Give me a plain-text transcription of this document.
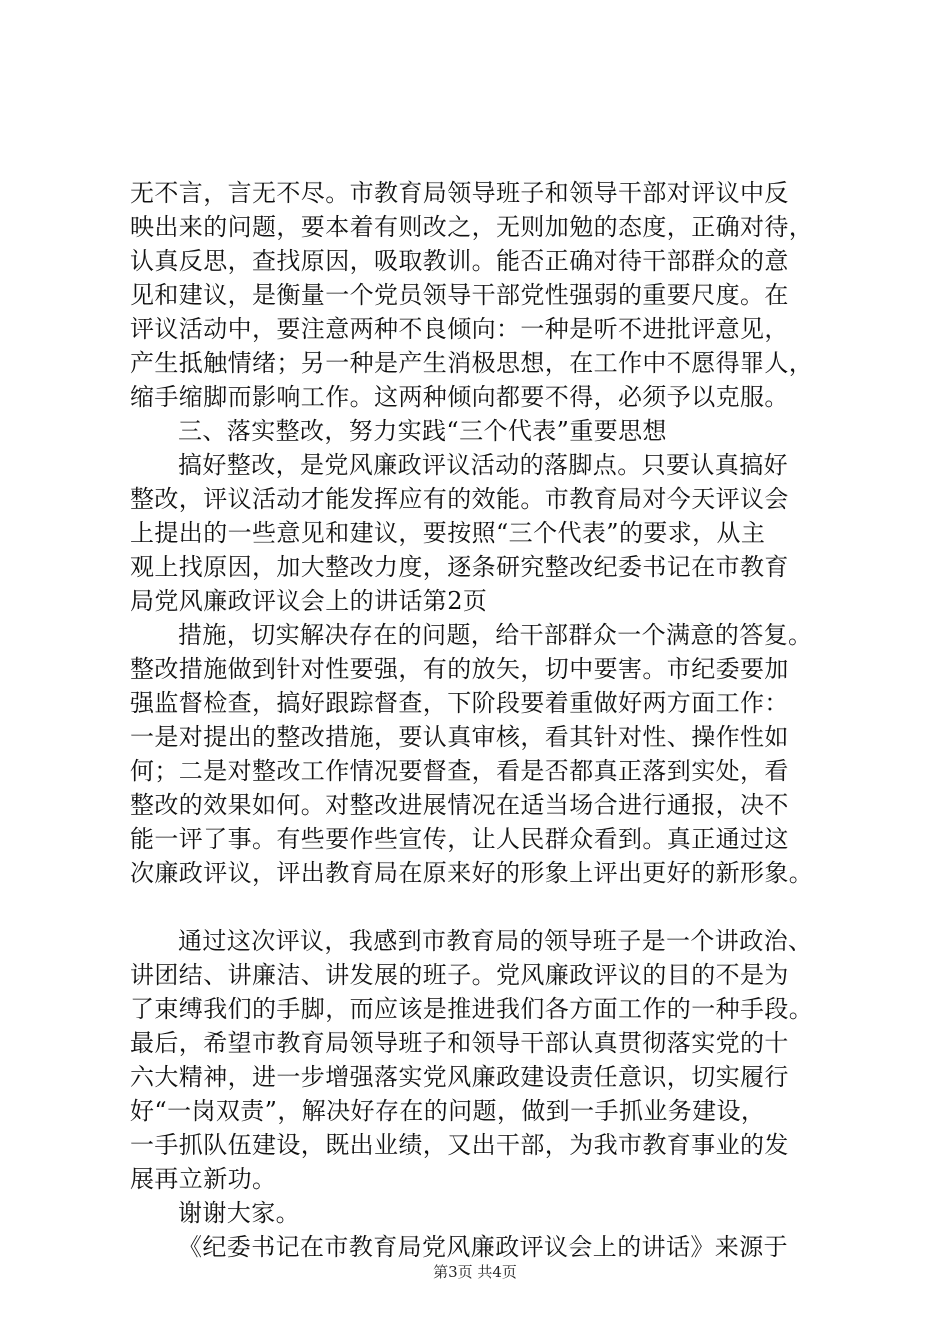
无不言，言无不尽。市教育局领导班子和领导干部对评议中反
映出来的问题，要本着有则改之，无则加勉的态度，正确对待，
认真反思，查找原因，吸取教训。能否正确对待干部群众的意
见和建议，是衡量一个党员领导干部党性强弱的重要尺度。在
评议活动中，要注意两种不良倾向：一种是听不进批评意见，
产生抵触情绪；另一种是产生消极思想，在工作中不愿得罪人，
缩手缩脚而影响工作。这两种倾向都要不得，必须予以克服。
三、落实整改，努力实践“三个代表”重要思想
搞好整改，是党风廉政评议活动的落脚点。只要认真搞好
整改，评议活动才能发挥应有的效能。市教育局对今天评议会
上提出的一些意见和建议，要按照“三个代表”的要求，从主
观上找原因，加大整改力度，逐条研究整改纪委书记在市教育
局党风廉政评议会上的讲话第2页
措施，切实解决存在的问题，给干部群众一个满意的答复。
整改措施做到针对性要强，有的放矢，切中要害。市纪委要加
强监督检查，搞好跟踪督查，下阶段要着重做好两方面工作：
一是对提出的整改措施，要认真审核，看其针对性、操作性如
何；二是对整改工作情况要督查，看是否都真正落到实处，看
整改的效果如何。对整改进展情况在适当场合进行通报，决不
能一评了事。有些要作些宣传，让人民群众看到。真正通过这
次廉政评议，评出教育局在原来好的形象上评出更好的新形象。
通过这次评议，我感到市教育局的领导班子是一个讲政治、
讲团结、讲廉洁、讲发展的班子。党风廉政评议的目的不是为
了束缚我们的手脚，而应该是推进我们各方面工作的一种手段。
最后，希望市教育局领导班子和领导干部认真贯彻落实党的十
六大精神，进一步增强落实党风廉政建设责任意识，切实履行
好“一岗双责”，解决好存在的问题，做到一手抓业务建设，
一手抓队伍建设，既出业绩，又出干部，为我市教育事业的发
展再立新功。
谢谢大家。
《纪委书记在市教育局党风廉政评议会上的讲话》来源于
第3页 共4页
